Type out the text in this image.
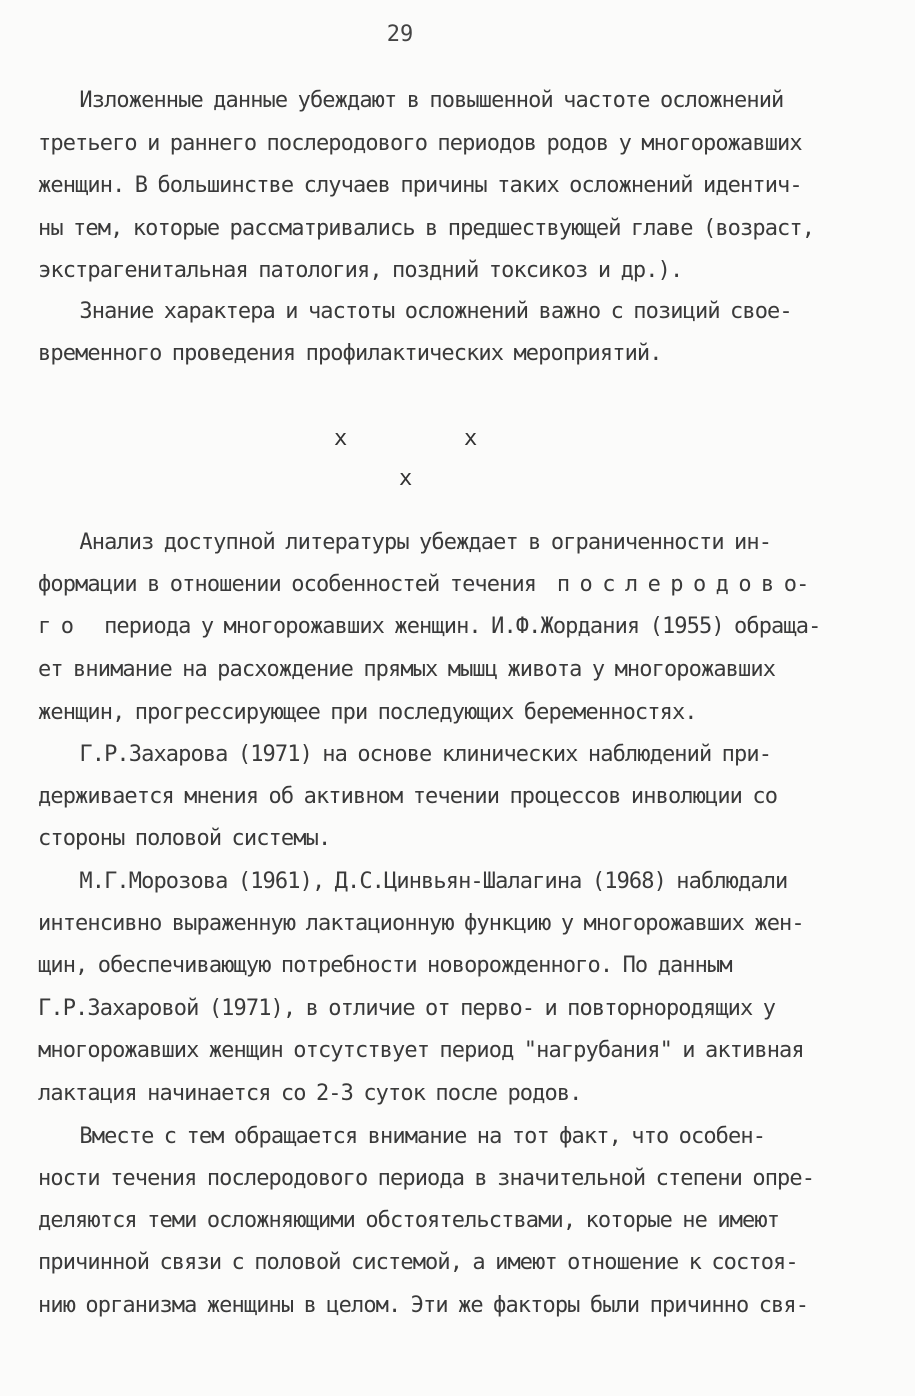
29
Изложенные данные убеждают в повышенной частоте осложнений
третьего и раннего послеродового периодов родов у многорожавших
женщин. В большинстве случаев причины таких осложнений идентич-
ны тем, которые рассматривались в предшествующей главе (возраст,
экстрагенитальная патология, поздний токсикоз и др.).
Знание характера и частоты осложнений важно с позиций свое-
временного проведения профилактических мероприятий.
x	x
x
Анализ доступной литературы убеждает в ограниченности ин-
формации в отношении особенностей течения  п о с л е р о д о в о-
г о   периода у многорожавших женщин. И.Ф.Жордания (1955) обраща-
ет внимание на расхождение прямых мышц живота у многорожавших
женщин, прогрессирующее при последующих беременностях.
Г.Р.Захарова (1971) на основе клинических наблюдений при-
держивается мнения об активном течении процессов инволюции со
стороны половой системы.
М.Г.Морозова (1961), Д.С.Цинвьян-Шалагина (1968) наблюдали
интенсивно выраженную лактационную функцию у многорожавших жен-
щин, обеспечивающую потребности новорожденного. По данным
Г.Р.Захаровой (1971), в отличие от перво- и повторнородящих у
многорожавших женщин отсутствует период "нагрубания" и активная
лактация начинается со 2-3 суток после родов.
Вместе с тем обращается внимание на тот факт, что особен-
ности течения послеродового периода в значительной степени опре-
деляются теми осложняющими обстоятельствами, которые не имеют
причинной связи с половой системой, а имеют отношение к состоя-
нию организма женщины в целом. Эти же факторы были причинно свя-
